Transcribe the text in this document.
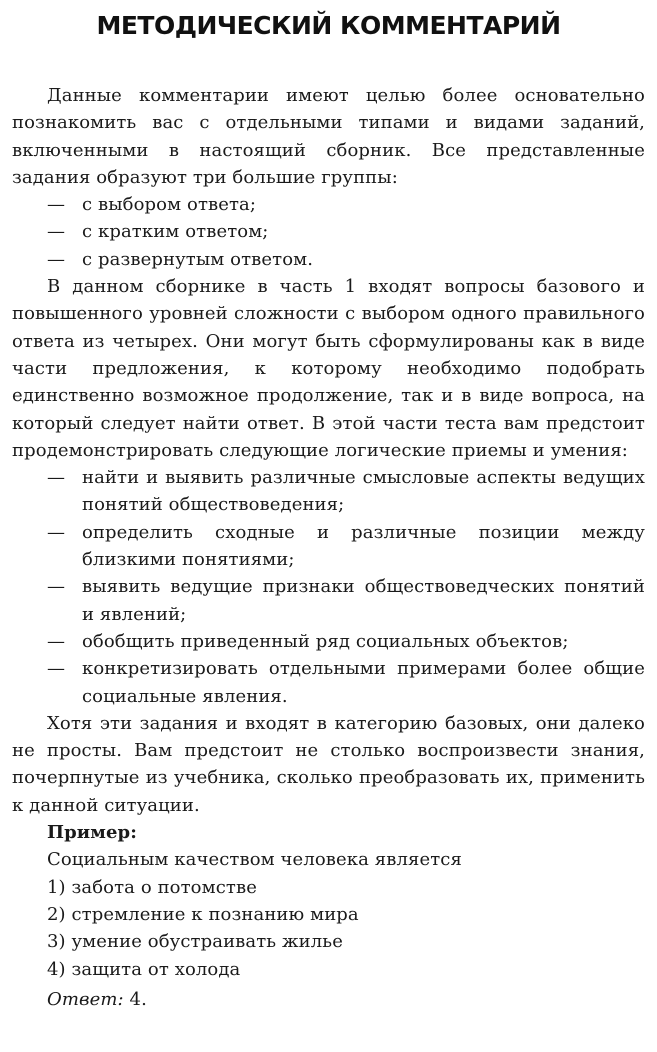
МЕТОДИЧЕСКИЙ КОММЕНТАРИЙ

Данные комментарии имеют целью более основательно познакомить вас с отдельными типами и видами заданий, включенными в настоящий сборник. Все представленные задания образуют три большие группы:

— с выбором ответа;
— с кратким ответом;
— с развернутым ответом.

В данном сборнике в часть 1 входят вопросы базового и повышенного уровней сложности с выбором одного правильного ответа из четырех. Они могут быть сформулированы как в виде части предложения, к которому необходимо подобрать единственно возможное продолжение, так и в виде вопроса, на который следует найти ответ. В этой части теста вам предстоит продемонстрировать следующие логические приемы и умения:

— найти и выявить различные смысловые аспекты ведущих понятий обществоведения;
— определить сходные и различные позиции между близкими понятиями;
— выявить ведущие признаки обществоведческих понятий и явлений;
— обобщить приведенный ряд социальных объектов;
— конкретизировать отдельными примерами более общие социальные явления.

Хотя эти задания и входят в категорию базовых, они далеко не просты. Вам предстоит не столько воспроизвести знания, почерпнутые из учебника, сколько преобразовать их, применить к данной ситуации.

Пример:
Социальным качеством человека является
1) забота о потомстве
2) стремление к познанию мира
3) умение обустраивать жилье
4) защита от холода
Ответ: 4.
